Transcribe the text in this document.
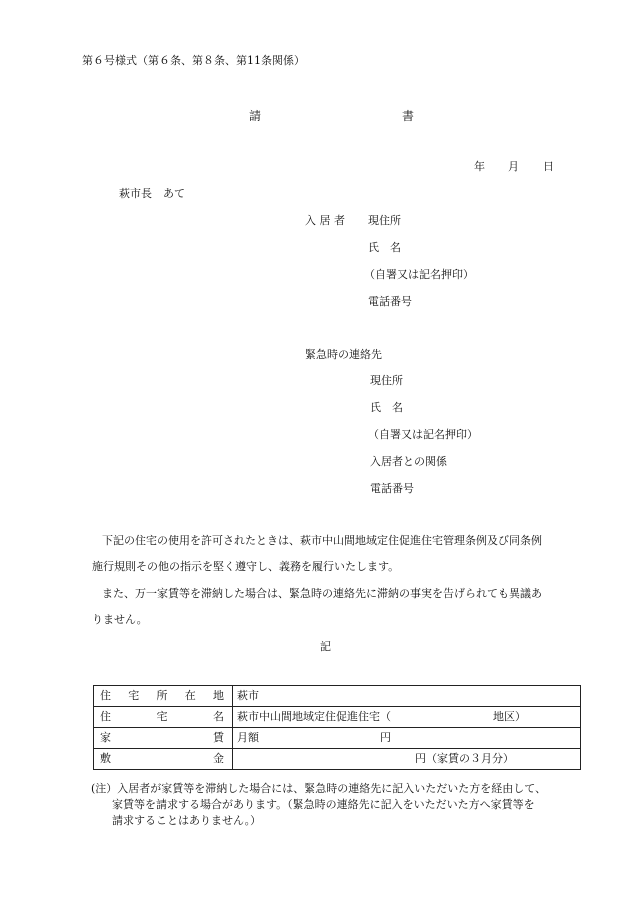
第６号様式（第６条、第８条、第11条関係）
請	書
年 月 日
萩市長　あて
入 居 者 現住所
氏　名
（自署又は記名押印）
電話番号
緊急時の連絡先
現住所
氏　名
（自署又は記名押印）
入居者との関係
電話番号
下記の住宅の使用を許可されたときは、萩市中山間地域定住促進住宅管理条例及び同条例
施行規則その他の指示を堅く遵守し、義務を履行いたします。
また、万一家賃等を滞納した場合は、緊急時の連絡先に滞納の事実を告げられても異議あ
りません。
記
住 宅 所 在 地	萩市

住 宅 名	萩市中山間地域定住促進住宅（ 地区）

家 賃	月額 円

敷 金	円（家賃の３月分）
(注）入居者が家賃等を滞納した場合には、緊急時の連絡先に記入いただいた方を経由して、
家賃等を請求する場合があります。（緊急時の連絡先に記入をいただいた方へ家賃等を
請求することはありません。）
